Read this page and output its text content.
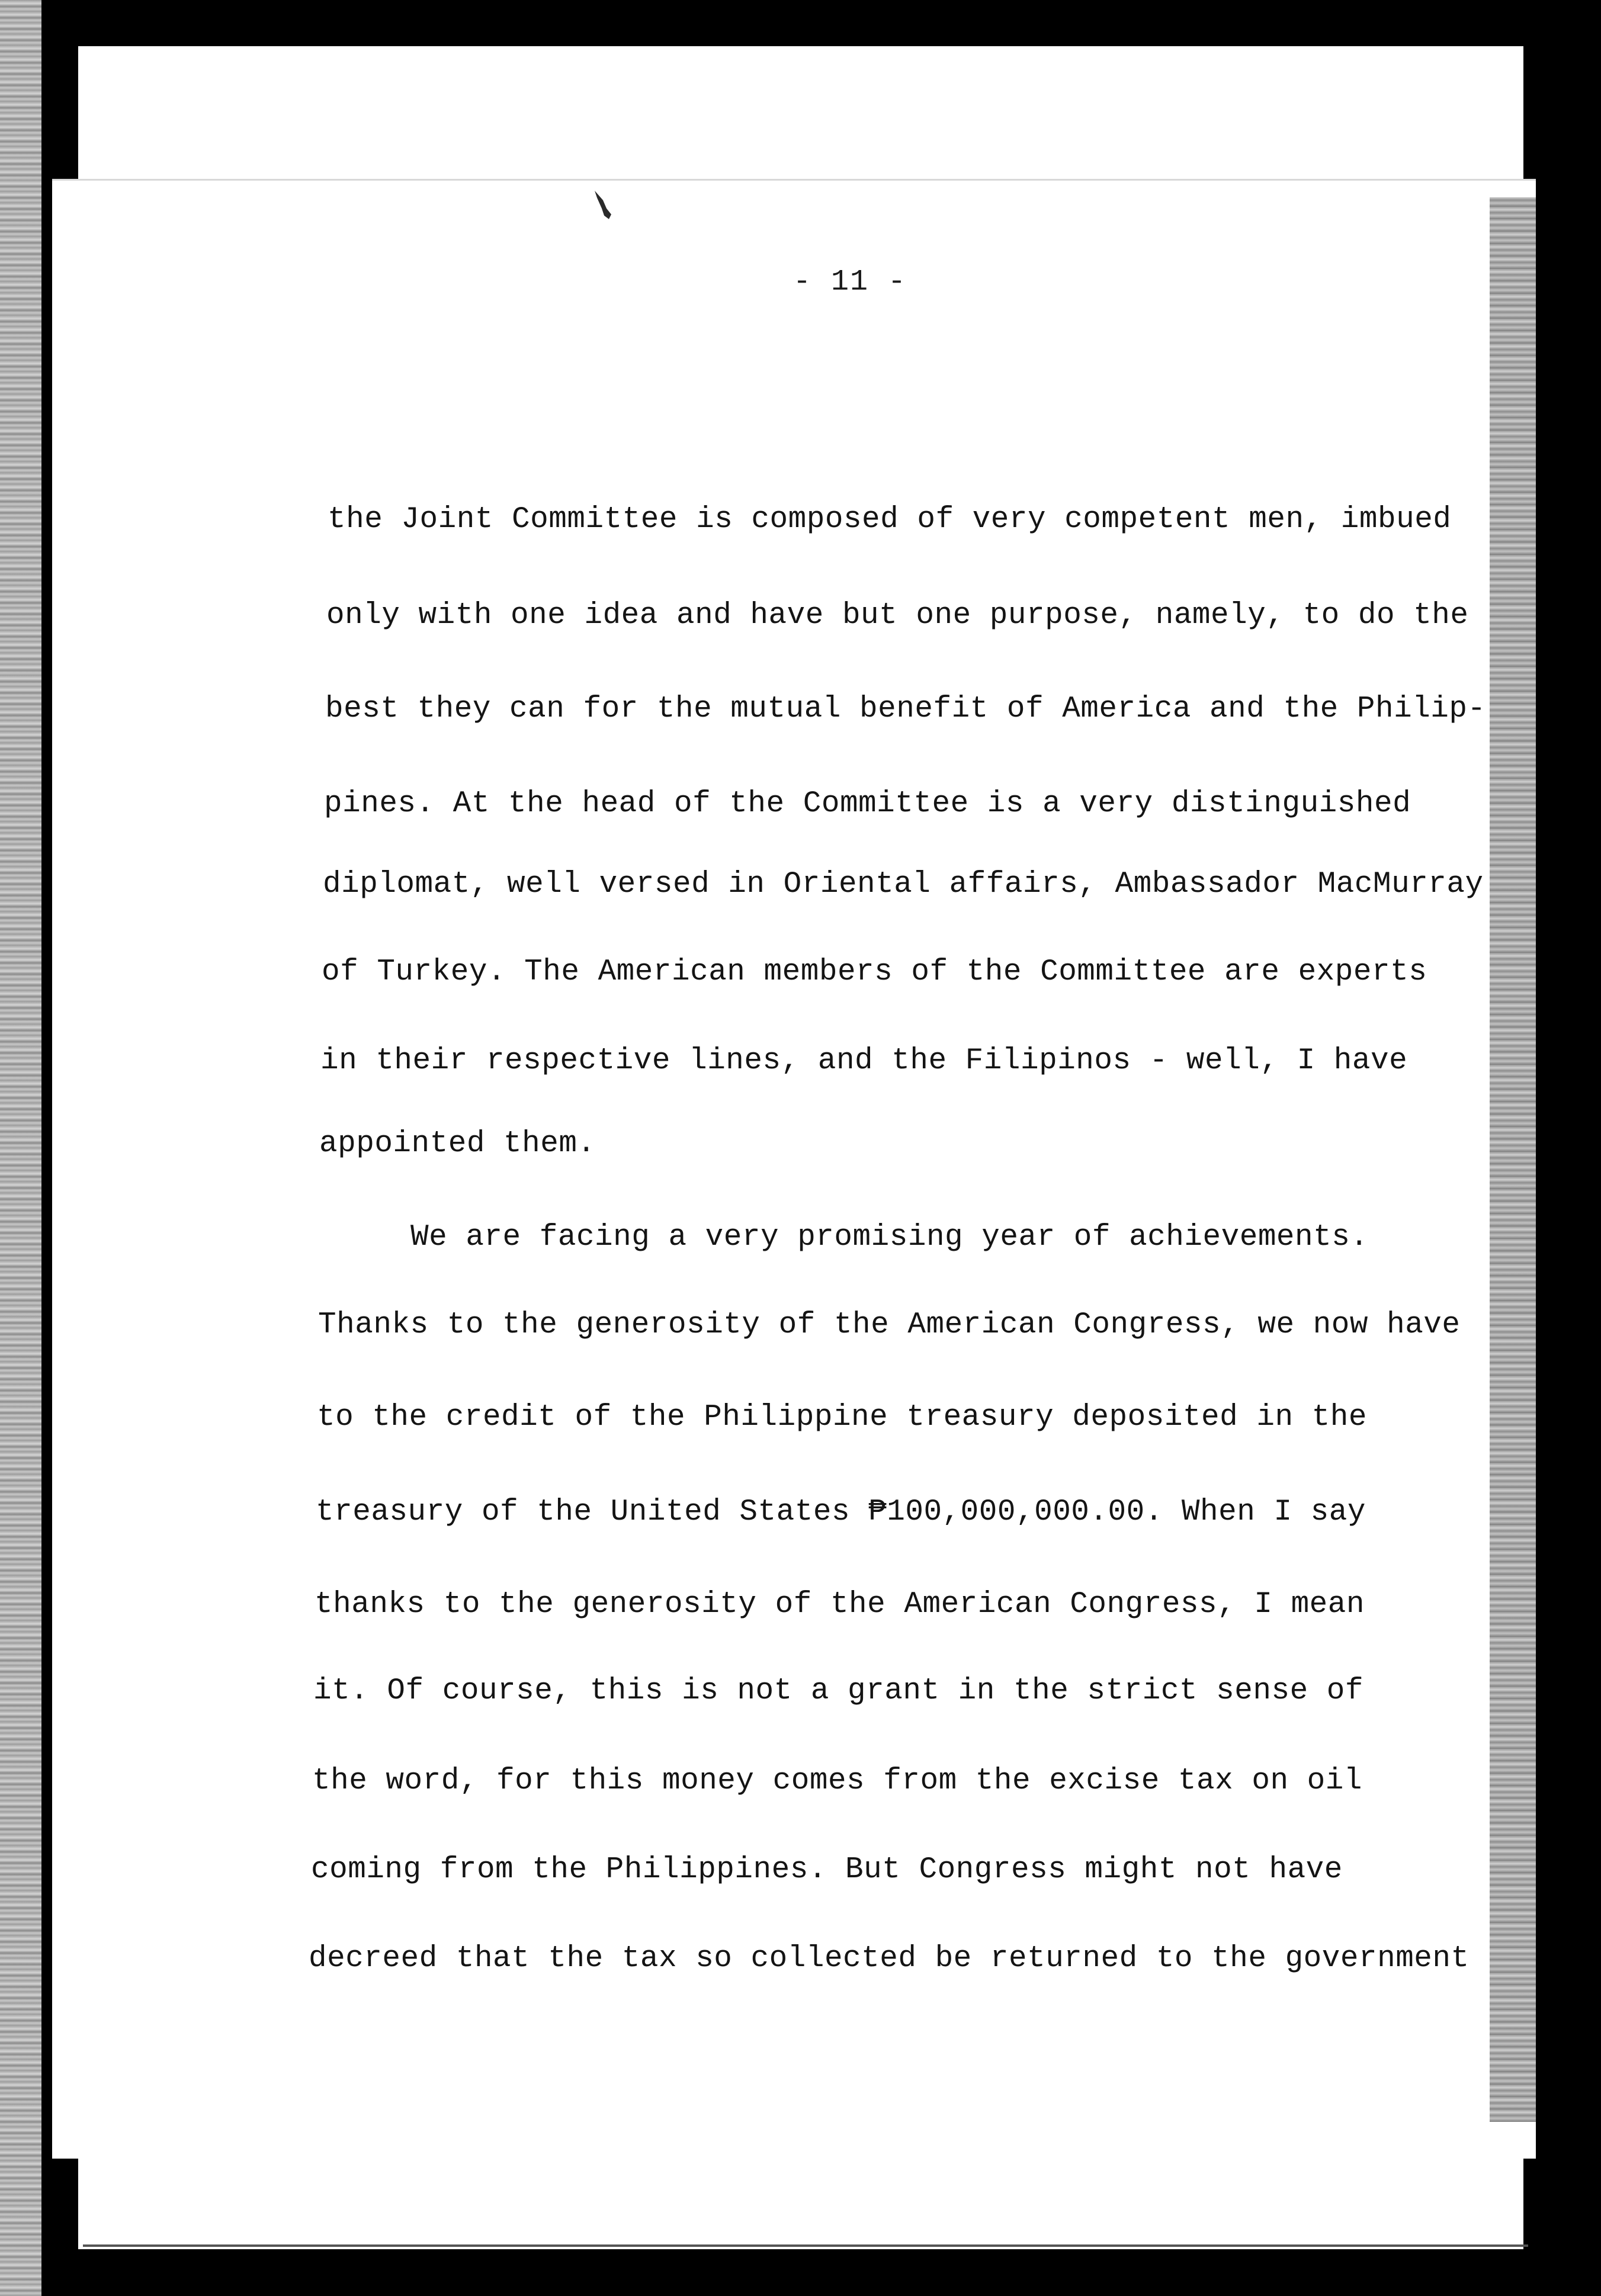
- 11 -
the Joint Committee is composed of very competent men, imbued
only with one idea and have but one purpose, namely, to do the
best they can for the mutual benefit of America and the Philip-
pines. At the head of the Committee is a very distinguished
diplomat, well versed in Oriental affairs, Ambassador MacMurray
of Turkey. The American members of the Committee are experts
in their respective lines, and the Filipinos - well, I have
appointed them.
We are facing a very promising year of achievements.
Thanks to the generosity of the American Congress, we now have
to the credit of the Philippine treasury deposited in the
treasury of the United States ₱100,000,000.00. When I say
thanks to the generosity of the American Congress, I mean
it. Of course, this is not a grant in the strict sense of
the word, for this money comes from the excise tax on oil
coming from the Philippines. But Congress might not have
decreed that the tax so collected be returned to the government
